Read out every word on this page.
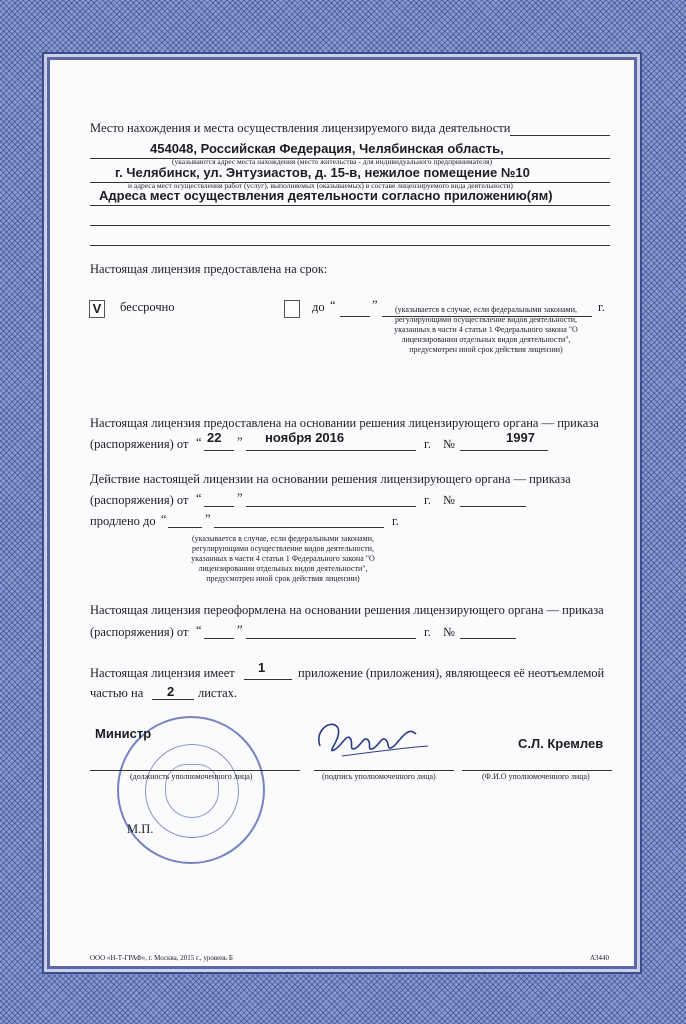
Место нахождения и места осуществления лицензируемого вида деятельности
454048, Российская Федерация, Челябинская область,
(указываются адрес места нахождения (место жительства - для индивидуального предпринимателя)
г. Челябинск, ул. Энтузиастов, д. 15-в, нежилое помещение №10
и адреса мест осуществления работ (услуг), выполняемых (оказываемых) в составе лицензируемого вида деятельности)
Адреса мест осуществления деятельности согласно приложению(ям)
Настоящая лицензия предоставлена на срок:
V бессрочно	до “	”	г.
(указывается в случае, если федеральными законами, регулирующими осуществление видов деятельности, указанных в части 4 статьи 1 Федерального закона "О лицензировании отдельных видов деятельности", предусмотрен иной срок действия лицензии)
Настоящая лицензия предоставлена на основании решения лицензирующего органа — приказа
(распоряжения) от “ 22 ” ноября 2016	г. №	1997
Действие настоящей лицензии на основании решения лицензирующего органа — приказа
(распоряжения) от “	”	г. №
продлено до “	”	г.
(указывается в случае, если федеральными законами, регулирующими осуществление видов деятельности, указанных в части 4 статьи 1 Федерального закона "О лицензировании отдельных видов деятельности", предусмотрен иной срок действия лицензии)
Настоящая лицензия переоформлена на основании решения лицензирующего органа — приказа
(распоряжения) от “	”	г. №
Настоящая лицензия имеет 1	приложение (приложения), являющееся её неотъемлемой
частью на 2 листах.
Министр
(должность уполномоченного лица)	(подпись уполномоченного лица)
С.Л. Кремлев
(Ф.И.О уполномоченного лица)
М.П.
ООО «Н-Т-ГРАФ», г. Москва, 2015 г., уровень Б	А3440
